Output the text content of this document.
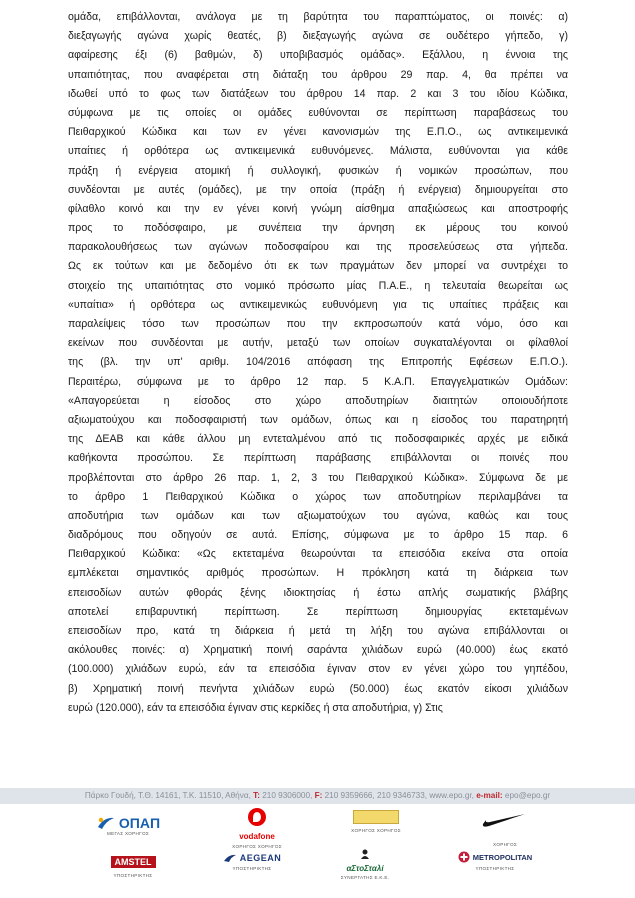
ομάδα, επιβάλλονται, ανάλογα με τη βαρύτητα του παραπτώματος, οι ποινές: α)
διεξαγωγής αγώνα χωρίς θεατές, β) διεξαγωγής αγώνα σε ουδέτερο γήπεδο, γ)
αφαίρεσης έξι (6) βαθμών, δ) υποβιβασμός ομάδας». Εξάλλου, η έννοια της
υπαιτιότητας, που αναφέρεται στη διάταξη του άρθρου 29 παρ. 4, θα πρέπει να
ιδωθεί υπό το φως των διατάξεων του άρθρου 14 παρ. 2 και 3 του ιδίου Κώδικα,
σύμφωνα με τις οποίες οι ομάδες ευθύνονται σε περίπτωση παραβάσεως του
Πειθαρχικού Κώδικα και των εν γένει κανονισμών της Ε.Π.Ο., ως αντικειμενικά
υπαίτιες ή ορθότερα ως αντικειμενικά ευθυνόμενες. Μάλιστα, ευθύνονται για κάθε
πράξη ή ενέργεια ατομική ή συλλογική, φυσικών ή νομικών προσώπων, που
συνδέονται με αυτές (ομάδες), με την οποία (πράξη ή ενέργεια) δημιουργείται στο
φίλαθλο κοινό και την εν γένει κοινή γνώμη αίσθημα απαξιώσεως και αποστροφής
προς το ποδόσφαιρο, με συνέπεια την άρνηση εκ μέρους του κοινού
παρακολουθήσεως των αγώνων ποδοσφαίρου και της προσελεύσεως στα γήπεδα.
Ως εκ τούτων και με δεδομένο ότι εκ των πραγμάτων δεν μπορεί να συντρέχει το
στοιχείο της υπαιτιότητας στο νομικό πρόσωπο μίας Π.Α.Ε., η τελευταία θεωρείται ως
«υπαίτια» ή ορθότερα ως αντικειμενικώς ευθυνόμενη για τις υπαίτιες πράξεις και
παραλείψεις τόσο των προσώπων που την εκπροσωπούν κατά νόμο, όσο και
εκείνων που συνδέονται με αυτήν, μεταξύ των οποίων συγκαταλέγονται οι φίλαθλοί
της (βλ. την υπ' αριθμ. 104/2016 απόφαση της Επιτροπής Εφέσεων Ε.Π.Ο.).
Περαιτέρω, σύμφωνα με το άρθρο 12 παρ. 5 Κ.Α.Π. Επαγγελματικών Ομάδων:
«Απαγορεύεται η είσοδος στο χώρο αποδυτηρίων διαιτητών οποιουδήποτε
αξιωματούχου και ποδοσφαιριστή των ομάδων, όπως και η είσοδος του παρατηρητή
της ΔΕΑΒ και κάθε άλλου μη εντεταλμένου από τις ποδοσφαιρικές αρχές με ειδικά
καθήκοντα προσώπου. Σε περίπτωση παράβασης επιβάλλονται οι ποινές που
προβλέπονται στο άρθρο 26 παρ. 1, 2, 3 του Πειθαρχικού Κώδικα». Σύμφωνα δε με
το άρθρο 1 Πειθαρχικού Κώδικα ο χώρος των αποδυτηρίων περιλαμβάνει τα
αποδυτήρια των ομάδων και των αξιωματούχων του αγώνα, καθώς και τους
διαδρόμους που οδηγούν σε αυτά. Επίσης, σύμφωνα με το άρθρο 15 παρ. 6
Πειθαρχικού Κώδικα: «Ως εκτεταμένα θεωρούνται τα επεισόδια εκείνα στα οποία
εμπλέκεται σημαντικός αριθμός προσώπων. Η πρόκληση κατά τη διάρκεια των
επεισοδίων αυτών φθοράς ξένης ιδιοκτησίας ή έστω απλής σωματικής βλάβης
αποτελεί επιβαρυντική περίπτωση. Σε περίπτωση δημιουργίας εκτεταμένων
επεισοδίων προ, κατά τη διάρκεια ή μετά τη λήξη του αγώνα επιβάλλονται οι
ακόλουθες ποινές: α) Χρηματική ποινή σαράντα χιλιάδων ευρώ (40.000) έως εκατό
(100.000) χιλιάδων ευρώ, εάν τα επεισόδια έγιναν στον εν γένει χώρο του γηπέδου,
β) Χρηματική ποινή πενήντα χιλιάδων ευρώ (50.000) έως εκατόν είκοσι χιλιάδων
ευρώ (120.000), εάν τα επεισόδια έγιναν στις κερκίδες ή στα αποδυτήρια, γ) Στις
Πάρκο Γουδή, Τ.Θ. 14161, Τ.Κ. 11510, Αθήνα, T: 210 9306000, F: 210 9359666, 210 9346733, www.epo.gr, e-mail: epo@epo.gr
ΟΠΑΠ
ΜΕΓΑΣ ΧΟΡΗΓΟΣ	vodafone
ΧΟΡΗΓΟΣ ΧΟΡΗΓΟΣ
ΧΟΡΗΓΟΣ ΧΟΡΗΓΟΣ
ΧΟΡΗΓΟΣ
AMSTEL
ΥΠΟΣΤΗΡΙΚΤΗΣ
AEGEAN
ΥΠΟΣΤΗΡΙΚΤΗΣ	αΣτοΣταλί
ΣΥΝΕΡΓΑΤΗΣ Ε.Κ.Ε.
METROPOLITAN
ΥΠΟΣΤΗΡΙΚΤΗΣ
